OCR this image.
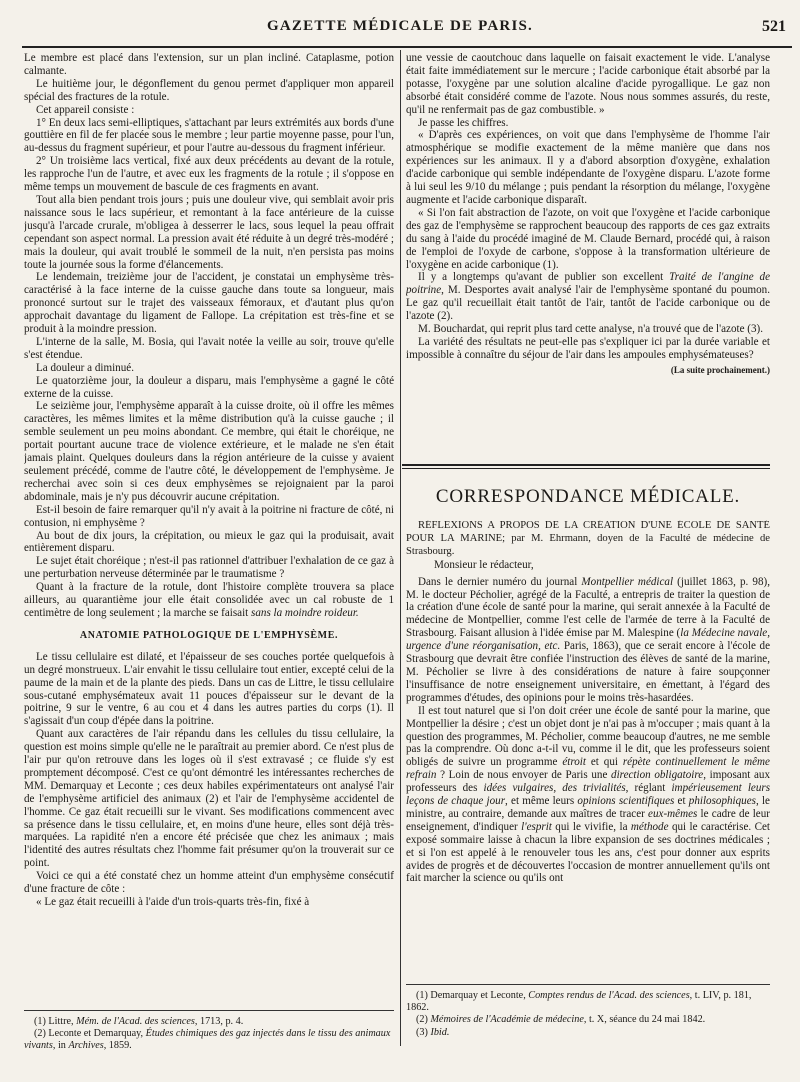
GAZETTE MÉDICALE DE PARIS.	521

Le membre est placé dans l'extension, sur un plan incliné. Cataplasme, potion calmante.

Le huitième jour, le dégonflement du genou permet d'appliquer mon appareil spécial des fractures de la rotule.

Cet appareil consiste :

1° En deux lacs semi-elliptiques, s'attachant par leurs extrémités aux bords d'une gouttière en fil de fer placée sous le membre ; leur partie moyenne passe, pour l'un, au-dessus du fragment supérieur, et pour l'autre au-dessous du fragment inférieur.

2° Un troisième lacs vertical, fixé aux deux précédents au devant de la rotule, les rapproche l'un de l'autre, et avec eux les fragments de la rotule ; il s'oppose en même temps un mouvement de bascule de ces fragments en avant.

Tout alla bien pendant trois jours ; puis une douleur vive, qui semblait avoir pris naissance sous le lacs supérieur, et remontant à la face antérieure de la cuisse jusqu'à l'arcade crurale, m'obligea à desserrer le lacs, sous lequel la peau offrait cependant son aspect normal. La pression avait été réduite à un degré très-modéré ; mais la douleur, qui avait troublé le sommeil de la nuit, n'en persista pas moins toute la journée sous la forme d'élancements.

Le lendemain, treizième jour de l'accident, je constatai un emphysème très-caractérisé à la face interne de la cuisse gauche dans toute sa longueur, mais prononcé surtout sur le trajet des vaisseaux fémoraux, et d'autant plus qu'on approchait davantage du ligament de Fallope. La crépitation est très-fine et se produit à la moindre pression.

L'interne de la salle, M. Bosia, qui l'avait notée la veille au soir, trouve qu'elle s'est étendue.

La douleur a diminué.

Le quatorzième jour, la douleur a disparu, mais l'emphysème a gagné le côté externe de la cuisse.

Le seizième jour, l'emphysème apparaît à la cuisse droite, où il offre les mêmes caractères, les mêmes limites et la même distribution qu'à la cuisse gauche ; il semble seulement un peu moins abondant. Ce membre, qui était le choréique, ne portait pourtant aucune trace de violence extérieure, et le malade ne s'en était jamais plaint. Quelques douleurs dans la région antérieure de la cuisse y avaient seulement précédé, comme de l'autre côté, le développement de l'emphysème. Je recherchai avec soin si ces deux emphysèmes se rejoignaient par la paroi abdominale, mais je n'y pus découvrir aucune crépitation.

Est-il besoin de faire remarquer qu'il n'y avait à la poitrine ni fracture de côté, ni contusion, ni emphysème ?

Au bout de dix jours, la crépitation, ou mieux le gaz qui la produisait, avait entièrement disparu.

Le sujet était choréique ; n'est-il pas rationnel d'attribuer l'exhalation de ce gaz à une perturbation nerveuse déterminée par le traumatisme ?

Quant à la fracture de la rotule, dont l'histoire complète trouvera sa place ailleurs, au quarantième jour elle était consolidée avec un cal robuste de 1 centimètre de long seulement ; la marche se faisait sans la moindre roideur.

ANATOMIE PATHOLOGIQUE DE L'EMPHYSÈME.

Le tissu cellulaire est dilaté, et l'épaisseur de ses couches portée quelquefois à un degré monstrueux. L'air envahit le tissu cellulaire tout entier, excepté celui de la paume de la main et de la plante des pieds. Dans un cas de Littre, le tissu cellulaire sous-cutané emphysémateux avait 11 pouces d'épaisseur sur le devant de la poitrine, 9 sur le ventre, 6 au cou et 4 dans les autres parties du corps (1). Il s'agissait d'un coup d'épée dans la poitrine.

Quant aux caractères de l'air répandu dans les cellules du tissu cellulaire, la question est moins simple qu'elle ne le paraîtrait au premier abord. Ce n'est plus de l'air pur qu'on retrouve dans les loges où il s'est extravasé ; ce fluide s'y est promptement décomposé. C'est ce qu'ont démontré les intéressantes recherches de MM. Demarquay et Leconte ; ces deux habiles expérimentateurs ont analysé l'air de l'emphysème artificiel des animaux (2) et l'air de l'emphysème accidentel de l'homme. Ce gaz était recueilli sur le vivant. Ses modifications commencent avec sa présence dans le tissu cellulaire, et, en moins d'une heure, elles sont déjà très-marquées. La rapidité n'en a encore été précisée que chez les animaux ; mais l'identité des autres résultats chez l'homme fait présumer qu'on la trouverait sur ce point.

Voici ce qui a été constaté chez un homme atteint d'un emphysème consécutif d'une fracture de côte :

« Le gaz était recueilli à l'aide d'un trois-quarts très-fin, fixé à

(1) Littre, Mém. de l'Acad. des sciences, 1713, p. 4.

(2) Leconte et Demarquay, Études chimiques des gaz injectés dans le tissu des animaux vivants, in Archives, 1859.

une vessie de caoutchouc dans laquelle on faisait exactement le vide. L'analyse était faite immédiatement sur le mercure ; l'acide carbonique était absorbé par la potasse, l'oxygène par une solution alcaline d'acide pyrogallique. Le gaz non absorbé était considéré comme de l'azote. Nous nous sommes assurés, du reste, qu'il ne renfermait pas de gaz combustible. »

Je passe les chiffres.

« D'après ces expériences, on voit que dans l'emphysème de l'homme l'air atmosphérique se modifie exactement de la même manière que dans nos expériences sur les animaux. Il y a d'abord absorption d'oxygène, exhalation d'acide carbonique qui semble indépendante de l'oxygène disparu. L'azote forme à lui seul les 9/10 du mélange ; puis pendant la résorption du mélange, l'oxygène augmente et l'acide carbonique disparaît.

« Si l'on fait abstraction de l'azote, on voit que l'oxygène et l'acide carbonique des gaz de l'emphysème se rapprochent beaucoup des rapports de ces gaz extraits du sang à l'aide du procédé imaginé de M. Claude Bernard, procédé qui, à raison de l'emploi de l'oxyde de carbone, s'oppose à la transformation ultérieure de l'oxygène en acide carbonique (1).

Il y a longtemps qu'avant de publier son excellent Traité de l'angine de poitrine, M. Desportes avait analysé l'air de l'emphysème spontané du poumon. Le gaz qu'il recueillait était tantôt de l'air, tantôt de l'acide carbonique ou de l'azote (2).

M. Bouchardat, qui reprit plus tard cette analyse, n'a trouvé que de l'azote (3).

La variété des résultats ne peut-elle pas s'expliquer ici par la durée variable et impossible à connaître du séjour de l'air dans les ampoules emphysémateuses?

(La suite prochainement.)
CORRESPONDANCE MÉDICALE.

RÉFLEXIONS A PROPOS DE LA CRÉATION D'UNE ÉCOLE DE SANTÉ POUR LA MARINE; par M. Ehrmann, doyen de la Faculté de médecine de Strasbourg.

Monsieur le rédacteur,

Dans le dernier numéro du journal Montpellier médical (juillet 1863, p. 98), M. le docteur Pécholier, agrégé de la Faculté, a entrepris de traiter la question de la création d'une école de santé pour la marine, qui serait annexée à la Faculté de médecine de Montpellier, comme l'est celle de l'armée de terre à la Faculté de Strasbourg. Faisant allusion à l'idée émise par M. Malespine (la Médecine navale, urgence d'une réorganisation, etc. Paris, 1863), que ce serait encore à l'école de Strasbourg que devrait être confiée l'instruction des élèves de santé de la marine, M. Pécholier se livre à des considérations de nature à faire soupçonner l'insuffisance de notre enseignement universitaire, en émettant, à l'égard des programmes d'études, des opinions pour le moins très-hasardées.

Il est tout naturel que si l'on doit créer une école de santé pour la marine, que Montpellier la désire ; c'est un objet dont je n'ai pas à m'occuper ; mais quant à la question des programmes, M. Pécholier, comme beaucoup d'autres, ne me semble pas la comprendre. Où donc a-t-il vu, comme il le dit, que les professeurs soient obligés de suivre un programme étroit et qui répète continuellement le même refrain ? Loin de nous envoyer de Paris une direction obligatoire, imposant aux professeurs des idées vulgaires, des trivialités, réglant impérieusement leurs leçons de chaque jour, et même leurs opinions scientifiques et philosophiques, le ministre, au contraire, demande aux maîtres de tracer eux-mêmes le cadre de leur enseignement, d'indiquer l'esprit qui le vivifie, la méthode qui le caractérise. Cet exposé sommaire laisse à chacun la libre expansion de ses doctrines médicales ; et si l'on est appelé à le renouveler tous les ans, c'est pour donner aux esprits avides de progrès et de découvertes l'occasion de montrer annuellement qu'ils ont fait marcher la science ou qu'ils ont

(1) Demarquay et Leconte, Comptes rendus de l'Acad. des sciences, t. LIV, p. 181, 1862.

(2) Mémoires de l'Académie de médecine, t. X, séance du 24 mai 1842.

(3) Ibid.
